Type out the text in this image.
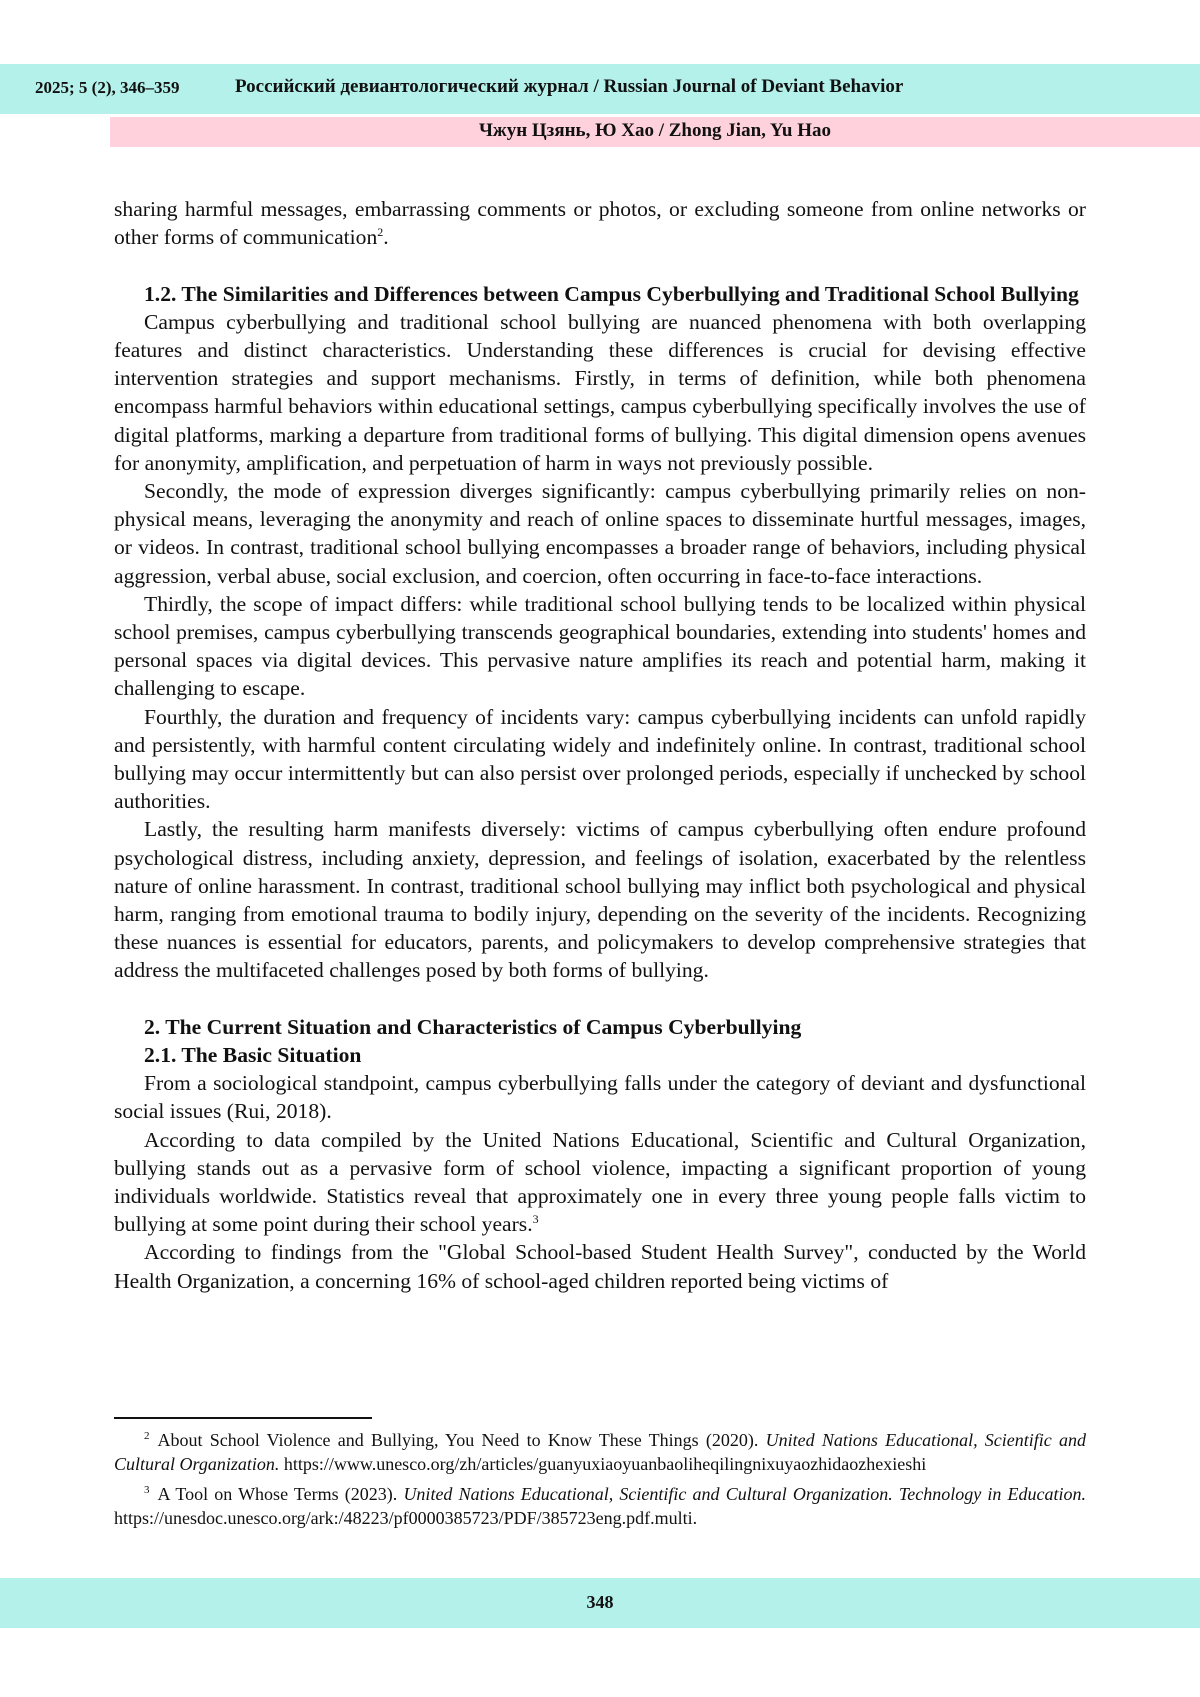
2025; 5 (2), 346–359	Российский девиантологический журнал / Russian Journal of Deviant Behavior
Чжун Цзянь, Ю Хао / Zhong Jian, Yu Hao

sharing harmful messages, embarrassing comments or photos, or excluding someone from online networks or other forms of communication$^2$.

1.2. The Similarities and Differences between Campus Cyberbullying and Traditional School Bullying

Campus cyberbullying and traditional school bullying are nuanced phenomena with both overlapping features and distinct characteristics. Understanding these differences is crucial for devising effective intervention strategies and support mechanisms. Firstly, in terms of definition, while both phenomena encompass harmful behaviors within educational settings, campus cyberbullying specifically involves the use of digital platforms, marking a departure from traditional forms of bullying. This digital dimension opens avenues for anonymity, amplification, and perpetuation of harm in ways not previously possible.

Secondly, the mode of expression diverges significantly: campus cyberbullying primarily relies on non-physical means, leveraging the anonymity and reach of online spaces to disseminate hurtful messages, images, or videos. In contrast, traditional school bullying encompasses a broader range of behaviors, including physical aggression, verbal abuse, social exclusion, and coercion, often occurring in face-to-face interactions.

Thirdly, the scope of impact differs: while traditional school bullying tends to be localized within physical school premises, campus cyberbullying transcends geographical boundaries, extending into students' homes and personal spaces via digital devices. This pervasive nature amplifies its reach and potential harm, making it challenging to escape.

Fourthly, the duration and frequency of incidents vary: campus cyberbullying incidents can unfold rapidly and persistently, with harmful content circulating widely and indefinitely online. In contrast, traditional school bullying may occur intermittently but can also persist over prolonged periods, especially if unchecked by school authorities.

Lastly, the resulting harm manifests diversely: victims of campus cyberbullying often endure profound psychological distress, including anxiety, depression, and feelings of isolation, exacerbated by the relentless nature of online harassment. In contrast, traditional school bullying may inflict both psychological and physical harm, ranging from emotional trauma to bodily injury, depending on the severity of the incidents. Recognizing these nuances is essential for educators, parents, and policymakers to develop comprehensive strategies that address the multifaceted challenges posed by both forms of bullying.

2. The Current Situation and Characteristics of Campus Cyberbullying
2.1. The Basic Situation

From a sociological standpoint, campus cyberbullying falls under the category of deviant and dysfunctional social issues (Rui, 2018).

According to data compiled by the United Nations Educational, Scientific and Cultural Organization, bullying stands out as a pervasive form of school violence, impacting a significant proportion of young individuals worldwide. Statistics reveal that approximately one in every three young people falls victim to bullying at some point during their school years.$^3$

According to findings from the "Global School-based Student Health Survey", conducted by the World Health Organization, a concerning 16% of school-aged children reported being victims of

$^2$ About School Violence and Bullying, You Need to Know These Things (2020). United Nations Educational, Scientific and Cultural Organization. https://www.unesco.org/zh/articles/guanyuxiaoyuanbaoliheqilingnixuyaozhidaozhexieshi

$^3$ A Tool on Whose Terms (2023). United Nations Educational, Scientific and Cultural Organization. Technology in Education. https://unesdoc.unesco.org/ark:/48223/pf0000385723/PDF/385723eng.pdf.multi.

348
